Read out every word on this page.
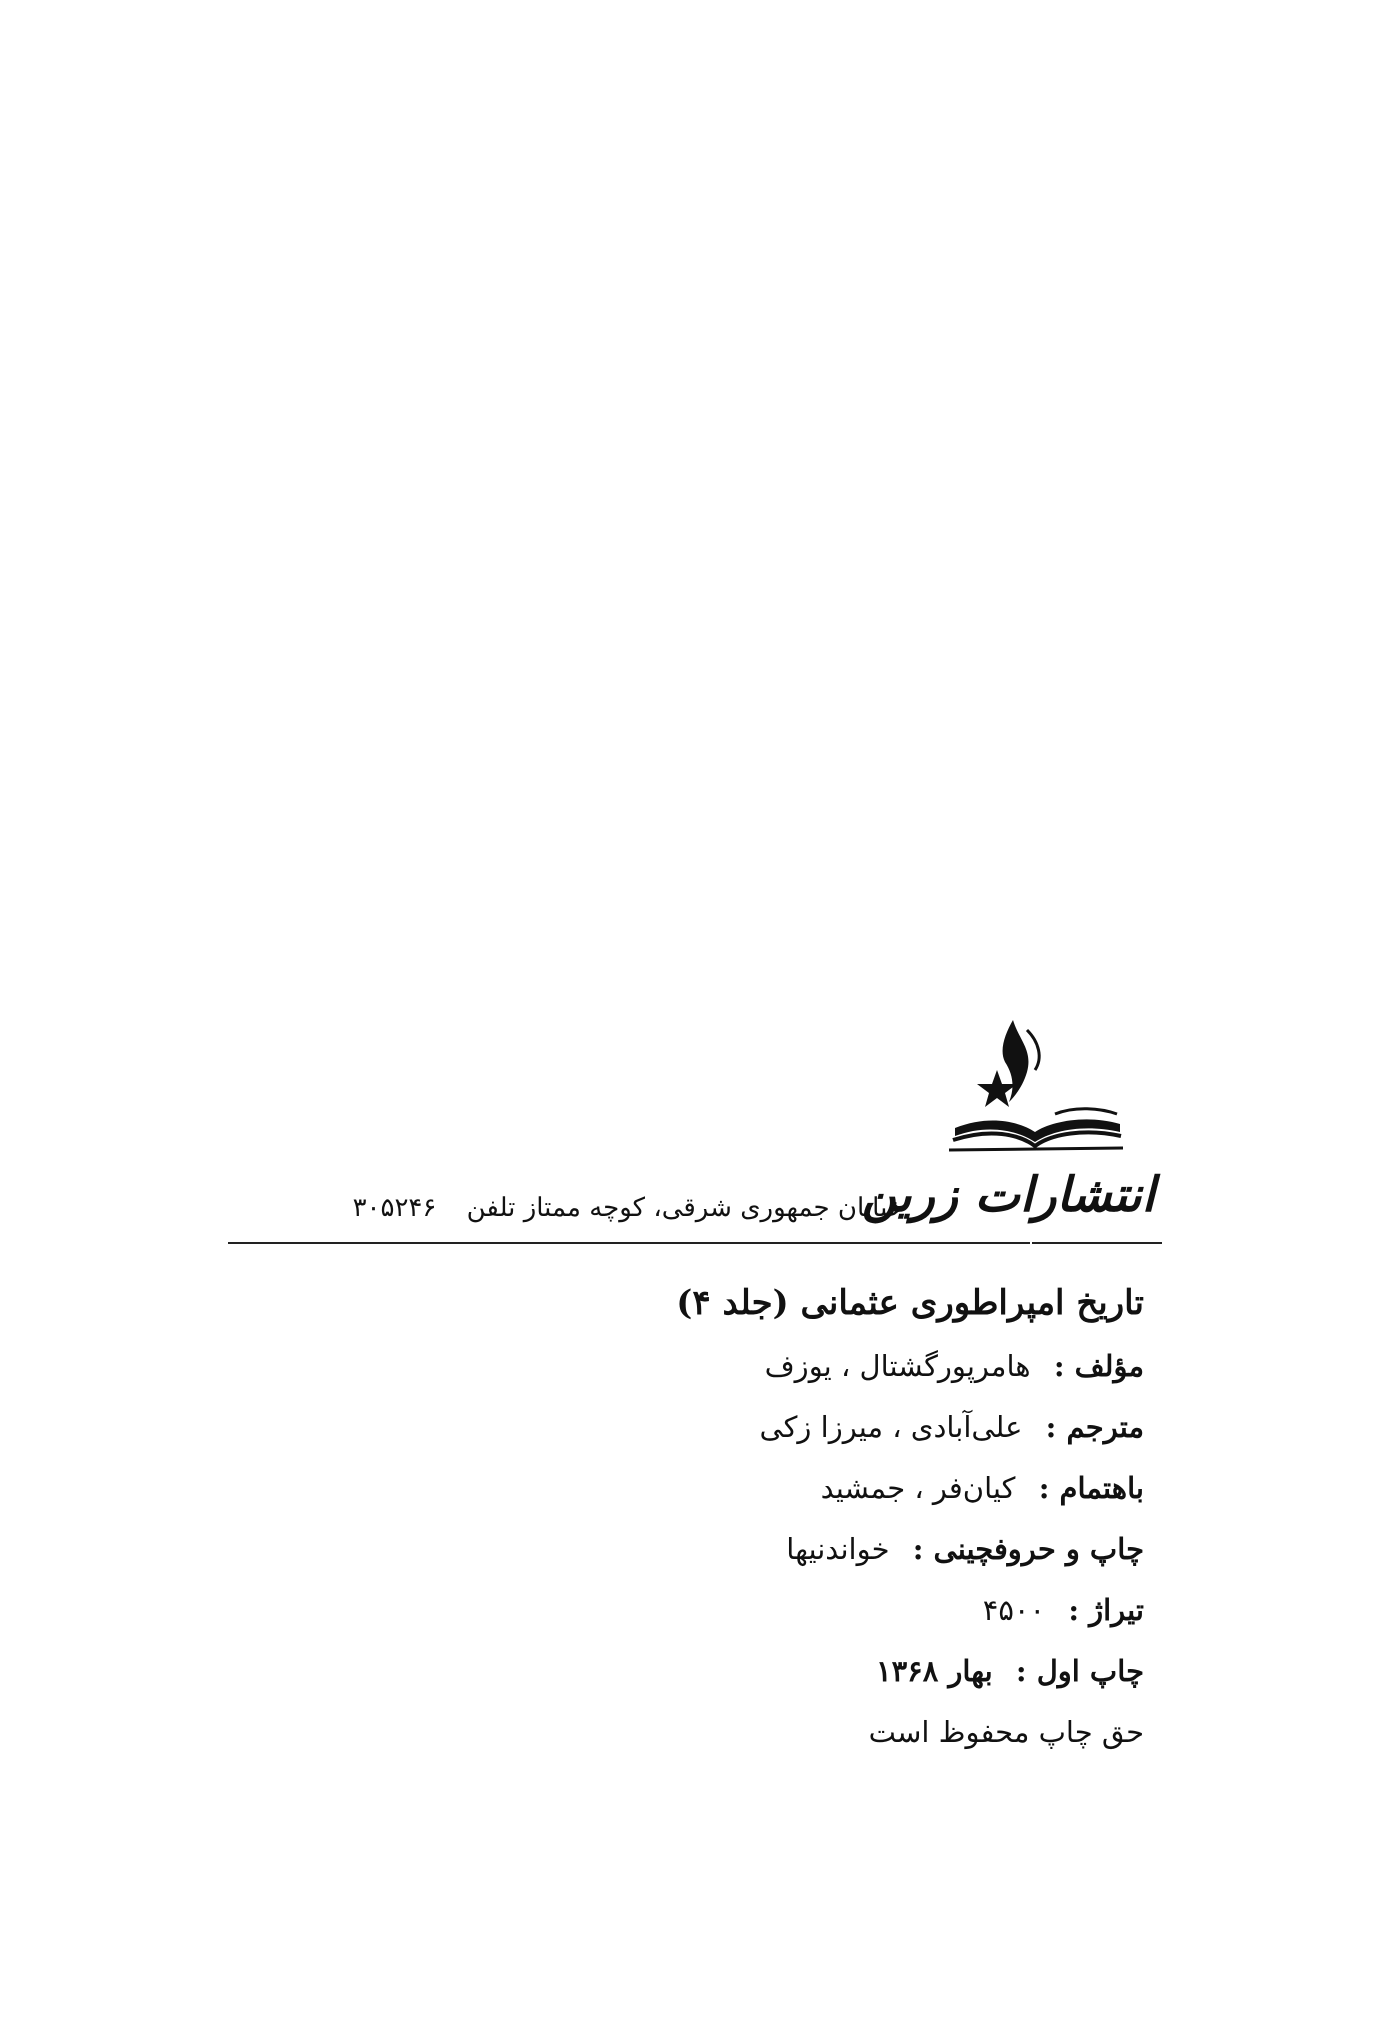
انتشارات زرین
خیابان جمهوری شرقی، کوچه ممتاز تلفن ۳۰۵۲۴۶
تاریخ امپراطوری عثمانی (جلد ۴)
مؤلف : هامرپورگشتال ، یوزف
مترجم : علی‌آبادی ، میرزا زکی
باهتمام : کیان‌فر ، جمشید
چاپ و حروفچینی : خواندنیها
تیراژ : ۴۵۰۰
چاپ اول : بهار ۱۳۶۸
حق چاپ محفوظ است
